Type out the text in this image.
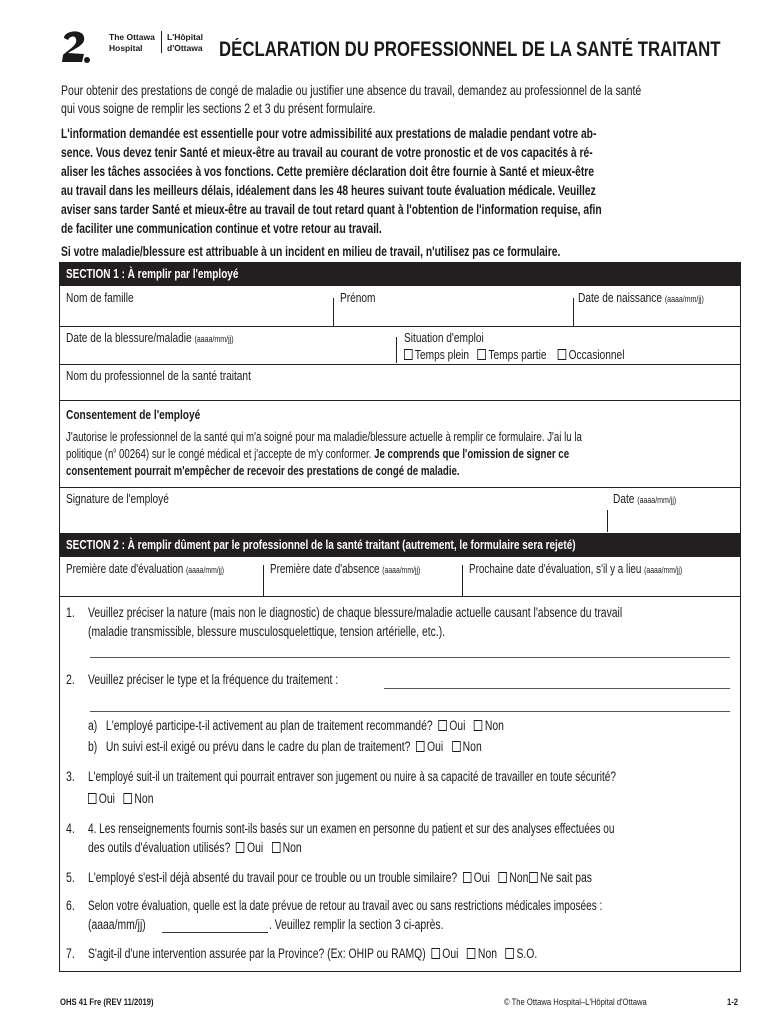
The Ottawa
Hospital
L'Hôpital
d'Ottawa DÉCLARATION DU PROFESSIONNEL DE LA SANTÉ TRAITANT
Pour obtenir des prestations de congé de maladie ou justifier une absence du travail, demandez au professionnel de la santé
qui vous soigne de remplir les sections 2 et 3 du présent formulaire.
L'information demandée est essentielle pour votre admissibilité aux prestations de maladie pendant votre ab-
sence. Vous devez tenir Santé et mieux-être au travail au courant de votre pronostic et de vos capacités à ré-
aliser les tâches associées à vos fonctions. Cette première déclaration doit être fournie à Santé et mieux-être
au travail dans les meilleurs délais, idéalement dans les 48 heures suivant toute évaluation médicale. Veuillez
aviser sans tarder Santé et mieux-être au travail de tout retard quant à l'obtention de l'information requise, afin
de faciliter une communication continue et votre retour au travail.
Si votre maladie/blessure est attribuable à un incident en milieu de travail, n'utilisez pas ce formulaire.
SECTION 1 : À remplir par l'employé
Nom de famille	Prénom	Date de naissance (aaaa/mm/jj)
Date de la blessure/maladie (aaaa/mm/jj)	Situation d'emploi
Temps plein Temps partie Occasionnel
Nom du professionnel de la santé traitant
Consentement de l'employé
J'autorise le professionnel de la santé qui m'a soigné pour ma maladie/blessure actuelle à remplir ce formulaire. J'ai lu la
politique ($n^o$ 00264) sur le congé médical et j'accepte de m'y conformer. Je comprends que l'omission de signer ce
consentement pourrait m'empêcher de recevoir des prestations de congé de maladie.
Signature de l'employé	Date (aaaa/mm/jj)
SECTION 2 : À remplir dûment par le professionnel de la santé traitant (autrement, le formulaire sera rejeté)
Première date d'évaluation (aaaa/mm/jj)	Première date d'absence (aaaa/mm/jj)	Prochaine date d'évaluation, s'il y a lieu (aaaa/mm/jj)
1. Veuillez préciser la nature (mais non le diagnostic) de chaque blessure/maladie actuelle causant l'absence du travail
(maladie transmissible, blessure musculosquelettique, tension artérielle, etc.).
2. Veuillez préciser le type et la fréquence du traitement :
a) L'employé participe-t-il activement au plan de traitement recommandé? Oui Non
b) Un suivi est-il exigé ou prévu dans le cadre du plan de traitement? Oui Non
3. L'employé suit-il un traitement qui pourrait entraver son jugement ou nuire à sa capacité de travailler en toute sécurité?
Oui Non
4. 4. Les renseignements fournis sont-ils basés sur un examen en personne du patient et sur des analyses effectuées ou
des outils d'évaluation utilisés? Oui Non
5. L'employé s'est-il déjà absenté du travail pour ce trouble ou un trouble similaire? Oui Non Ne sait pas
6. Selon votre évaluation, quelle est la date prévue de retour au travail avec ou sans restrictions médicales imposées :
(aaaa/mm/jj)	. Veuillez remplir la section 3 ci-après.
7. S'agit-il d'une intervention assurée par la Province? (Ex: OHIP ou RAMQ) Oui Non S.O.
OHS 41 Fre (REV 11/2019)	© The Ottawa Hospital–L'Hôpital d'Ottawa	1-2
